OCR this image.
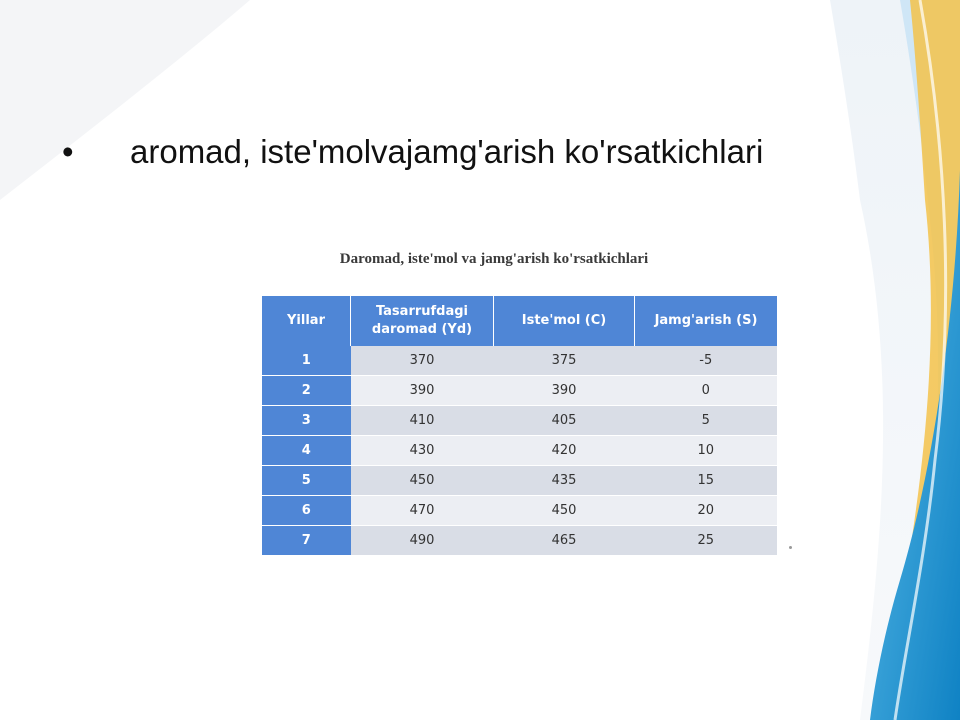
• aromad, iste'molvajamg'arish ko'rsatkichlari
Daromad, iste'mol va jamg'arish ko'rsatkichlari
Yillar	Tasarrufdagi daromad (Yd)	Iste'mol (C)	Jamg'arish (S)
1	370	375	-5
2	390	390	0
3	410	405	5
4	430	420	10
5	450	435	15
6	470	450	20
7	490	465	25
